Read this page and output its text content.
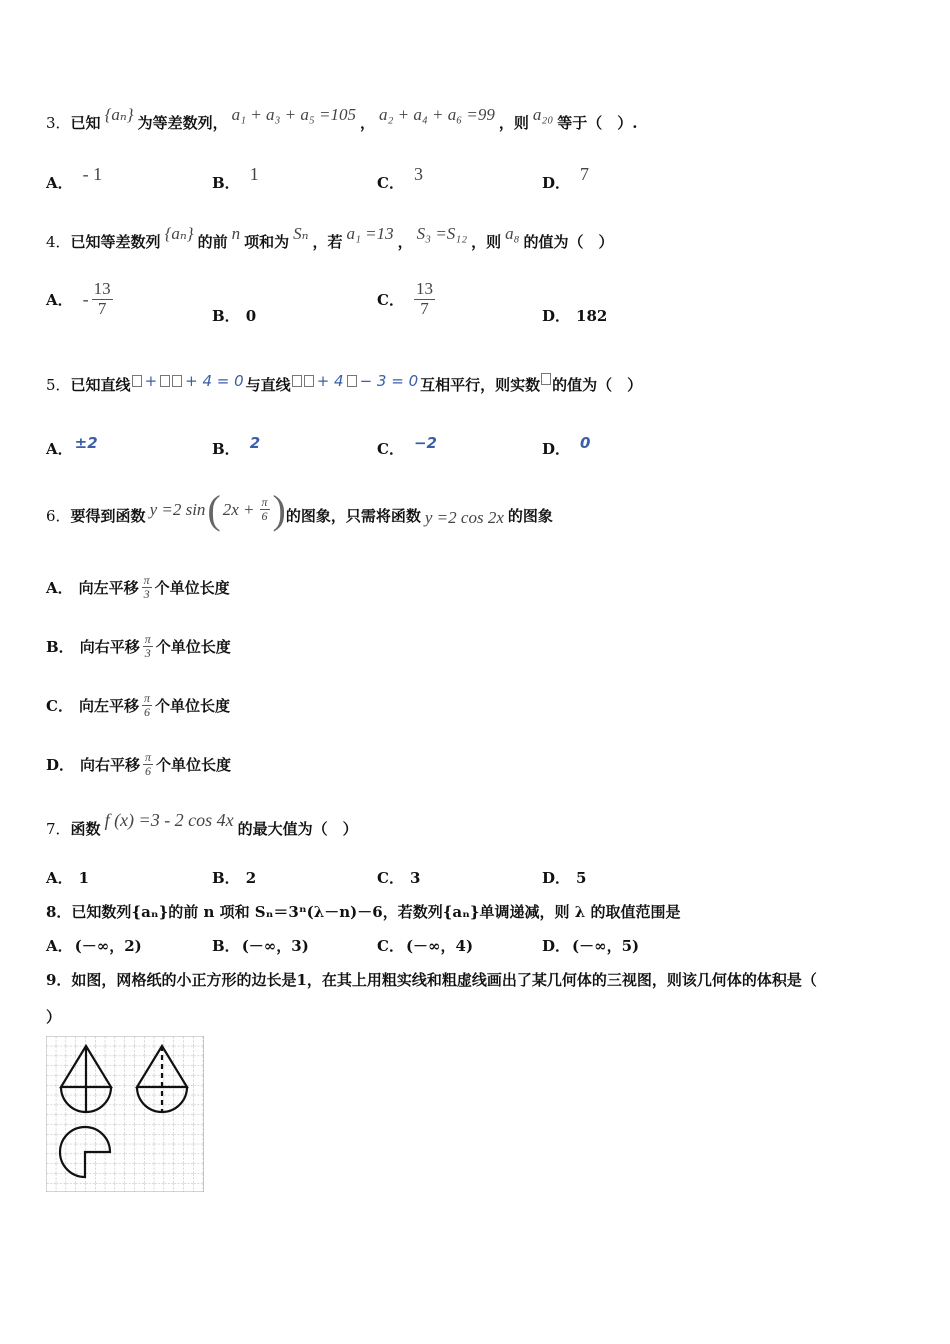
3． 已知 {aₙ} 为等差数列， a₁ + a₃ + a₅ =105 ， a₂ + a₄ + a₆ =99 ，则 a₂₀ 等于（　）.
A． - 1	B． 1	C． 3	D． 7
4． 已知等差数列 {aₙ} 的前 n 项和为 Sₙ ，若 a₁ =13 ， S₃ =S₁₂ ，则 a₈ 的值为（　）
A． - $\frac{13}{7}$	B． 0
C． $\frac{13}{7}$	D． 182
5． 已知直线 + + 4 = 0 与直线 + 4 − 3 = 0 互相平行，则实数 的值为（　）
A． ±2	B． 2	C． −2	D． 0
6． 要得到函数 y =2 sin ( $2x + \frac{\pi}{6}$ ) 的图象，只需将函数 y =2 cos 2x 的图象
A． 向左平移 $\frac{\pi}{3}$ 个单位长度
B． 向右平移 $\frac{\pi}{3}$ 个单位长度
C． 向左平移 $\frac{\pi}{6}$ 个单位长度
D． 向右平移 $\frac{\pi}{6}$ 个单位长度
7． 函数 f (x) =3 - 2 cos 4x 的最大值为（　）
A． 1	B． 2	C． 3	D． 5
8．已知数列{aₙ}的前 n 项和 Sₙ＝3ⁿ(λ－n)－6，若数列{aₙ}单调递减，则 λ 的取值范围是
A． (－∞，2)	B． (－∞，3)	C． (－∞，4)	D． (－∞，5)
9．如图，网格纸的小正方形的边长是1，在其上用粗实线和粗虚线画出了某几何体的三视图，则该几何体的体积是（
）
